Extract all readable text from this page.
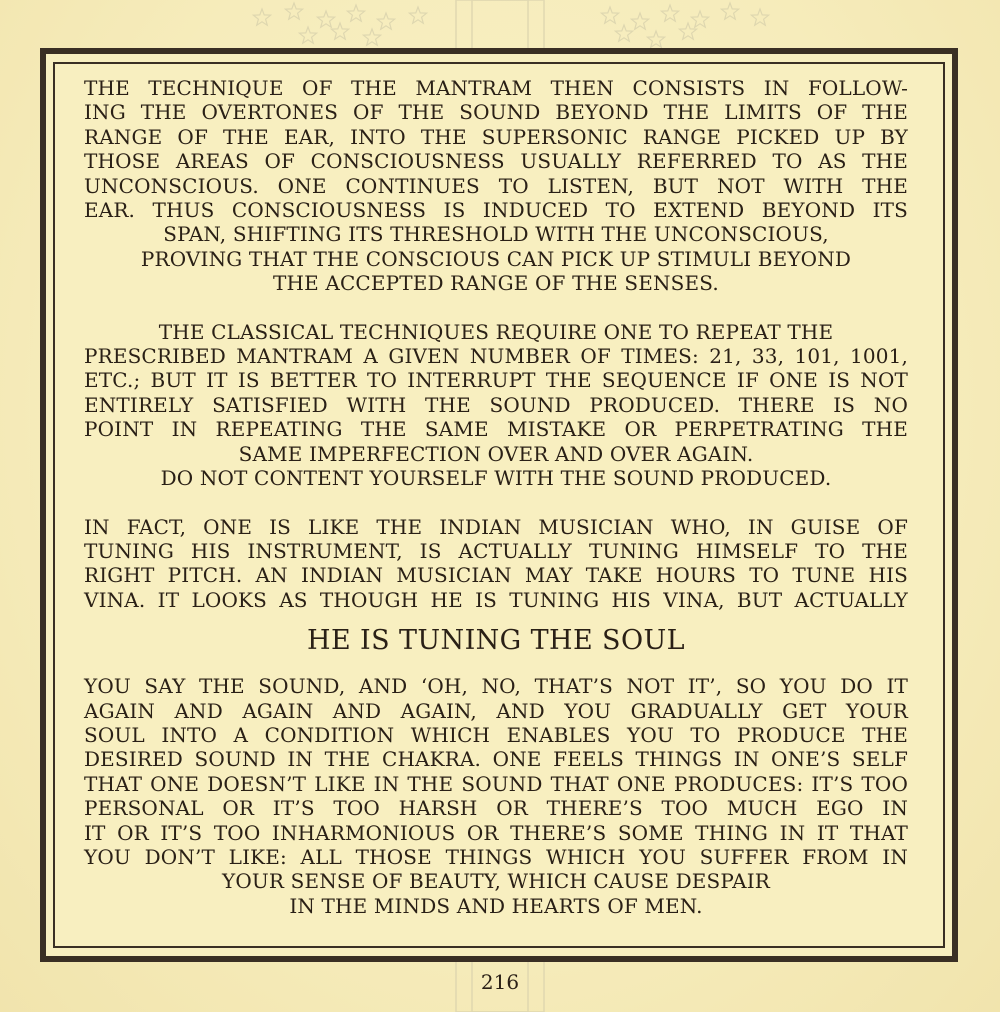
THE TECHNIQUE OF THE MANTRAM THEN CONSISTS IN FOLLOW-
ING THE OVERTONES OF THE SOUND BEYOND THE LIMITS OF THE
RANGE OF THE EAR, INTO THE SUPERSONIC RANGE PICKED UP BY
THOSE AREAS OF CONSCIOUSNESS USUALLY REFERRED TO AS THE
UNCONSCIOUS. ONE CONTINUES TO LISTEN, BUT NOT WITH THE
EAR. THUS CONSCIOUSNESS IS INDUCED TO EXTEND BEYOND ITS
SPAN, SHIFTING ITS THRESHOLD WITH THE UNCONSCIOUS,
PROVING THAT THE CONSCIOUS CAN PICK UP STIMULI BEYOND
THE ACCEPTED RANGE OF THE SENSES.
THE CLASSICAL TECHNIQUES REQUIRE ONE TO REPEAT THE
PRESCRIBED MANTRAM A GIVEN NUMBER OF TIMES: 21, 33, 101, 1001,
ETC.; BUT IT IS BETTER TO INTERRUPT THE SEQUENCE IF ONE IS NOT
ENTIRELY SATISFIED WITH THE SOUND PRODUCED. THERE IS NO
POINT IN REPEATING THE SAME MISTAKE OR PERPETRATING THE
SAME IMPERFECTION OVER AND OVER AGAIN.
DO NOT CONTENT YOURSELF WITH THE SOUND PRODUCED.
IN FACT, ONE IS LIKE THE INDIAN MUSICIAN WHO, IN GUISE OF
TUNING HIS INSTRUMENT, IS ACTUALLY TUNING HIMSELF TO THE
RIGHT PITCH. AN INDIAN MUSICIAN MAY TAKE HOURS TO TUNE HIS
VINA. IT LOOKS AS THOUGH HE IS TUNING HIS VINA, BUT ACTUALLY
HE IS TUNING THE SOUL
YOU SAY THE SOUND, AND ‘OH, NO, THAT’S NOT IT’, SO YOU DO IT
AGAIN AND AGAIN AND AGAIN, AND YOU GRADUALLY GET YOUR
SOUL INTO A CONDITION WHICH ENABLES YOU TO PRODUCE THE
DESIRED SOUND IN THE CHAKRA. ONE FEELS THINGS IN ONE’S SELF
THAT ONE DOESN’T LIKE IN THE SOUND THAT ONE PRODUCES: IT’S TOO
PERSONAL OR IT’S TOO HARSH OR THERE’S TOO MUCH EGO IN
IT OR IT’S TOO INHARMONIOUS OR THERE’S SOME THING IN IT THAT
YOU DON’T LIKE: ALL THOSE THINGS WHICH YOU SUFFER FROM IN
YOUR SENSE OF BEAUTY, WHICH CAUSE DESPAIR
IN THE MINDS AND HEARTS OF MEN.
216
